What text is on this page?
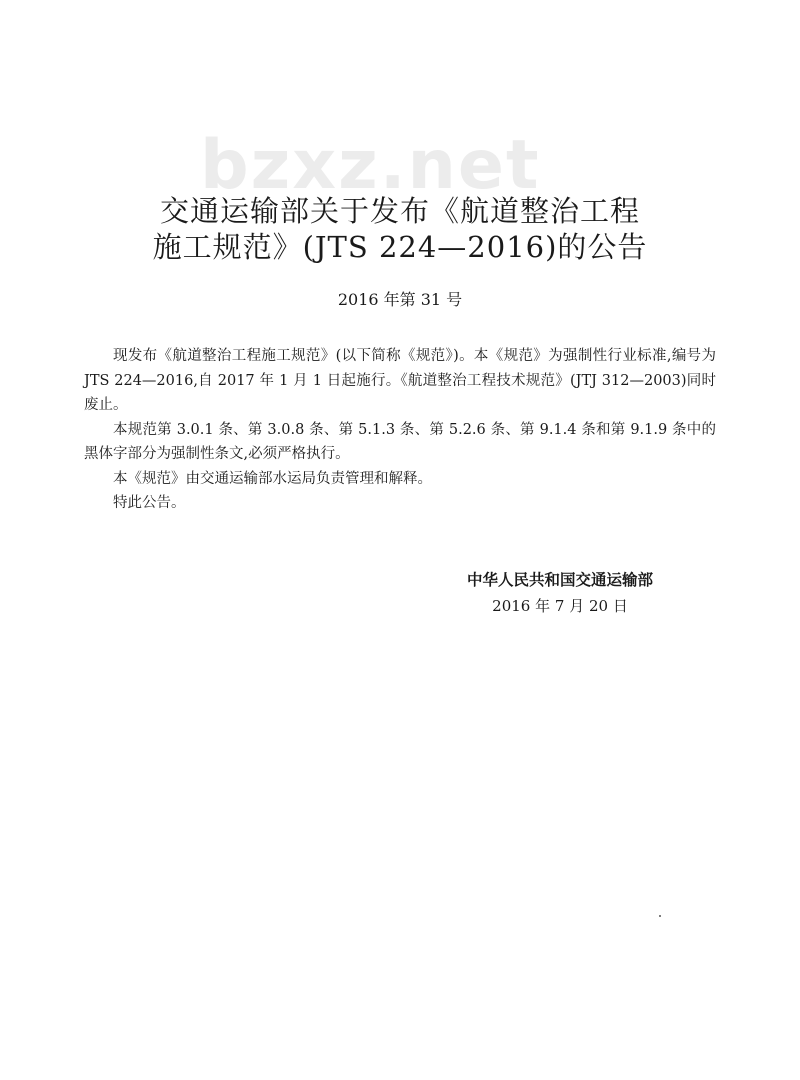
bzxz.net
交通运输部关于发布《航道整治工程
施工规范》(JTS 224—2016)的公告
2016 年第 31 号

现发布《航道整治工程施工规范》(以下简称《规范》)。本《规范》为强制性行业标准,编号为 JTS 224—2016,自 2017 年 1 月 1 日起施行。《航道整治工程技术规范》(JTJ 312—2003)同时废止。

本规范第 3.0.1 条、第 3.0.8 条、第 5.1.3 条、第 5.2.6 条、第 9.1.4 条和第 9.1.9 条中的黑体字部分为强制性条文,必须严格执行。

本《规范》由交通运输部水运局负责管理和解释。

特此公告。

中华人民共和国交通运输部
2016 年 7 月 20 日
